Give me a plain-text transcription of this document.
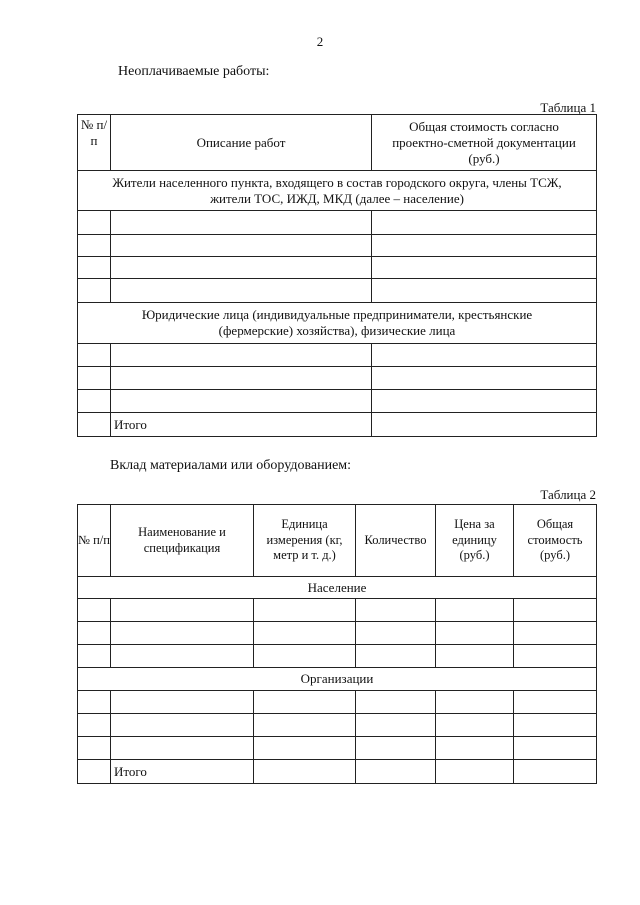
2
Неоплачиваемые работы:
Таблица 1
№ п/п	Описание работ	Общая стоимость согласно проектно-сметной документации (руб.)
Жители населенного пункта, входящего в состав городского округа, члены ТСЖ, жители ТОС, ИЖД, МКД (далее – население)		

Юридические лица (индивидуальные предприниматели, крестьянские (фермерские) хозяйства), физические лица		

	Итого	
Вклад материалами или оборудованием:
Таблица 2
№ п/п	Наименование и спецификация	Единица измерения (кг, метр и т. д.)	Количество	Цена за единицу (руб.)	Общая стоимость (руб.)
Население					

Организации					

	Итого				
